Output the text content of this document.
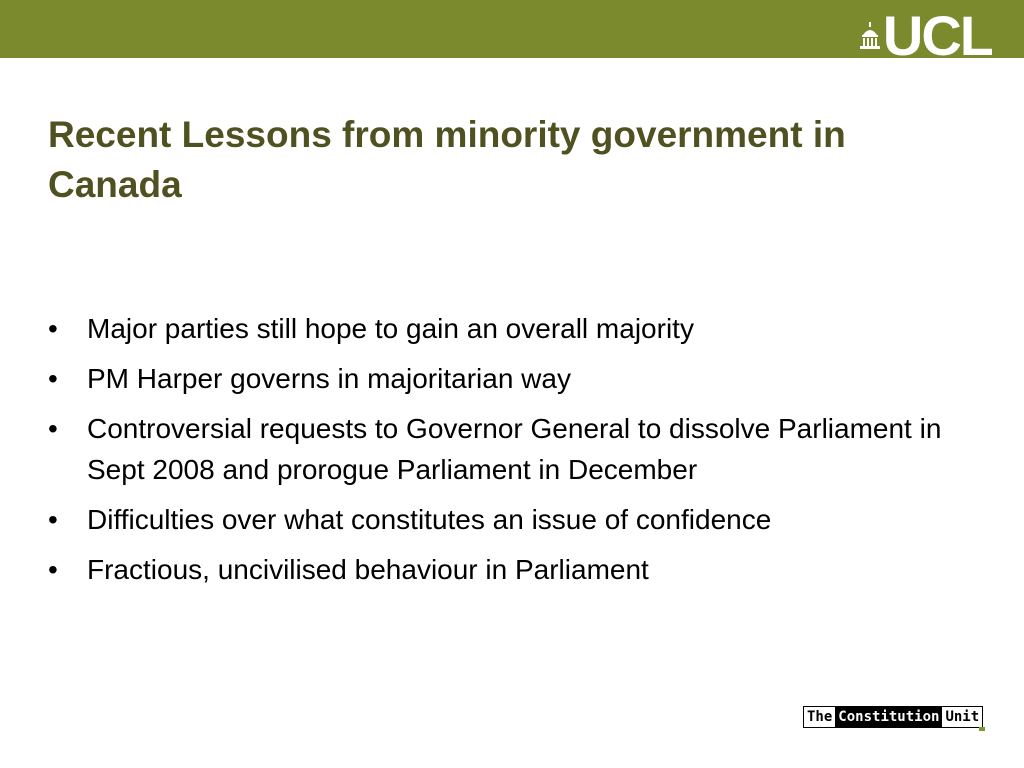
UCL
Recent Lessons from minority government in Canada
• Major parties still hope to gain an overall majority
• PM Harper governs in majoritarian way
• Controversial requests to Governor General to dissolve Parliament in Sept 2008 and prorogue Parliament in December
• Difficulties over what constitutes an issue of confidence
• Fractious, uncivilised behaviour in Parliament
The Constitution Unit
